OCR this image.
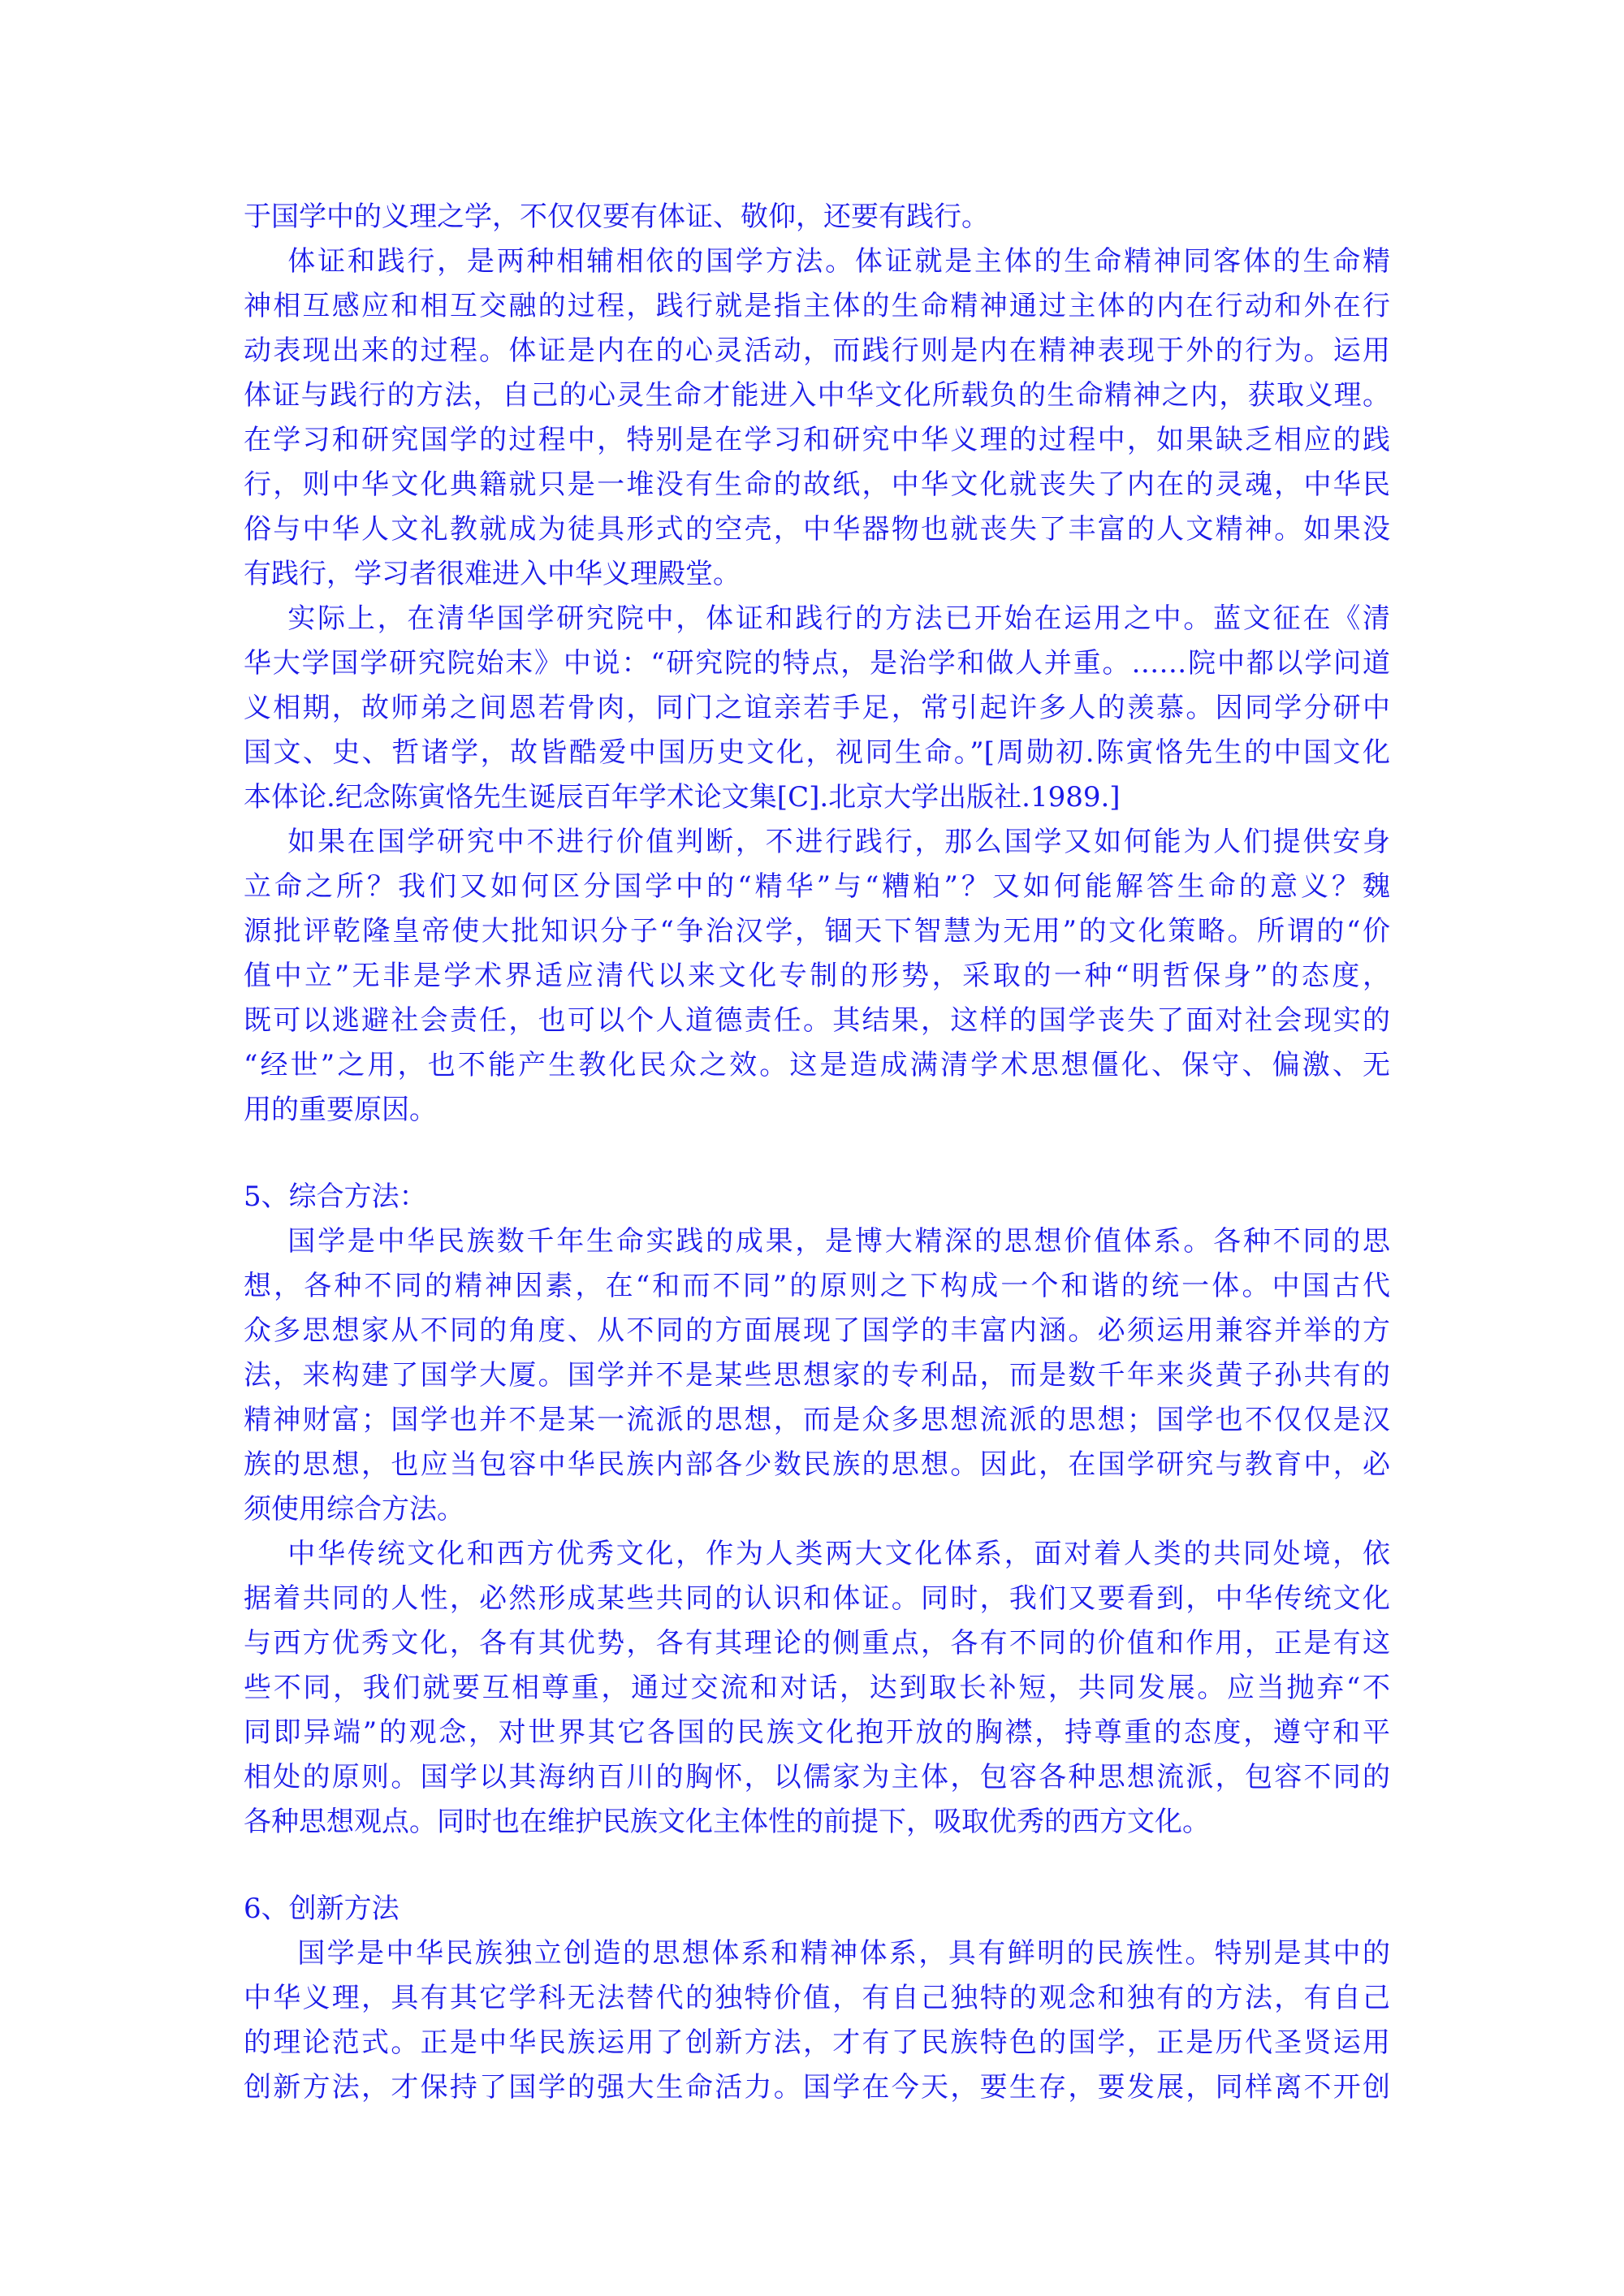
于国学中的义理之学，不仅仅要有体证、敬仰，还要有践行。
体证和践行，是两种相辅相依的国学方法。体证就是主体的生命精神同客体的生命精
神相互感应和相互交融的过程，践行就是指主体的生命精神通过主体的内在行动和外在行
动表现出来的过程。体证是内在的心灵活动，而践行则是内在精神表现于外的行为。运用
体证与践行的方法，自己的心灵生命才能进入中华文化所载负的生命精神之内，获取义理。
在学习和研究国学的过程中，特别是在学习和研究中华义理的过程中，如果缺乏相应的践
行，则中华文化典籍就只是一堆没有生命的故纸，中华文化就丧失了内在的灵魂，中华民
俗与中华人文礼教就成为徒具形式的空壳，中华器物也就丧失了丰富的人文精神。如果没
有践行，学习者很难进入中华义理殿堂。
实际上，在清华国学研究院中，体证和践行的方法已开始在运用之中。蓝文征在《清
华大学国学研究院始末》中说：“研究院的特点，是治学和做人并重。……院中都以学问道
义相期，故师弟之间恩若骨肉，同门之谊亲若手足，常引起许多人的羡慕。因同学分研中
国文、史、哲诸学，故皆酷爱中国历史文化，视同生命。”[周勋初.陈寅恪先生的中国文化
本体论.纪念陈寅恪先生诞辰百年学术论文集[C].北京大学出版社.1989.]
如果在国学研究中不进行价值判断，不进行践行，那么国学又如何能为人们提供安身
立命之所？我们又如何区分国学中的“精华”与“糟粕”？又如何能解答生命的意义？魏
源批评乾隆皇帝使大批知识分子“争治汉学，锢天下智慧为无用”的文化策略。所谓的“价
值中立”无非是学术界适应清代以来文化专制的形势，采取的一种“明哲保身”的态度，
既可以逃避社会责任，也可以个人道德责任。其结果，这样的国学丧失了面对社会现实的
“经世”之用，也不能产生教化民众之效。这是造成满清学术思想僵化、保守、偏激、无
用的重要原因。
5、综合方法：
国学是中华民族数千年生命实践的成果，是博大精深的思想价值体系。各种不同的思
想，各种不同的精神因素，在“和而不同”的原则之下构成一个和谐的统一体。中国古代
众多思想家从不同的角度、从不同的方面展现了国学的丰富内涵。必须运用兼容并举的方
法，来构建了国学大厦。国学并不是某些思想家的专利品，而是数千年来炎黄子孙共有的
精神财富；国学也并不是某一流派的思想，而是众多思想流派的思想；国学也不仅仅是汉
族的思想，也应当包容中华民族内部各少数民族的思想。因此，在国学研究与教育中，必
须使用综合方法。
中华传统文化和西方优秀文化，作为人类两大文化体系，面对着人类的共同处境，依
据着共同的人性，必然形成某些共同的认识和体证。同时，我们又要看到，中华传统文化
与西方优秀文化，各有其优势，各有其理论的侧重点，各有不同的价值和作用，正是有这
些不同，我们就要互相尊重，通过交流和对话，达到取长补短，共同发展。应当抛弃“不
同即异端”的观念，对世界其它各国的民族文化抱开放的胸襟，持尊重的态度，遵守和平
相处的原则。国学以其海纳百川的胸怀，以儒家为主体，包容各种思想流派，包容不同的
各种思想观点。同时也在维护民族文化主体性的前提下，吸取优秀的西方文化。
6、创新方法
国学是中华民族独立创造的思想体系和精神体系，具有鲜明的民族性。特别是其中的
中华义理，具有其它学科无法替代的独特价值，有自己独特的观念和独有的方法，有自己
的理论范式。正是中华民族运用了创新方法，才有了民族特色的国学，正是历代圣贤运用
创新方法，才保持了国学的强大生命活力。国学在今天，要生存，要发展，同样离不开创
